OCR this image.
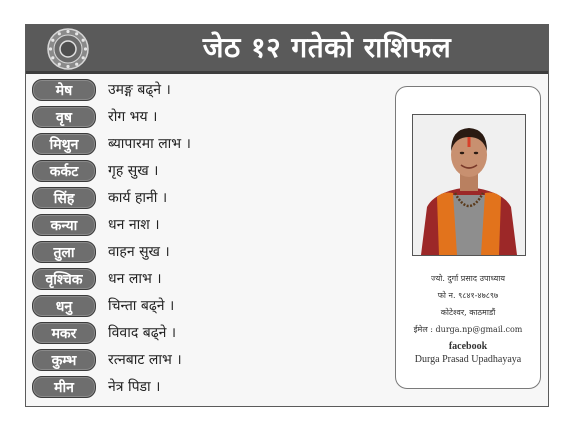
जेठ १२ गतेको राशिफल
मेष	उमङ्ग बढ्ने ।
वृष	रोग भय ।
मिथुन	ब्यापारमा लाभ ।
कर्कट	गृह सुख ।
सिंह	कार्य हानी ।
कन्या	धन नाश ।
तुला	वाहन सुख ।
वृश्चिक	धन लाभ ।
धनु	चिन्ता बढ्ने ।
मकर	विवाद बढ्ने ।
कुम्भ	रत्नबाट लाभ ।
मीन	नेत्र पिडा ।
ज्यो. दुर्गा प्रसाद उपाध्याय
फो न. ९८४१-४७८९७
कोटेश्वर, काठमाडौं
ईमेल : durga.np@gmail.com
facebook
Durga Prasad Upadhayaya
